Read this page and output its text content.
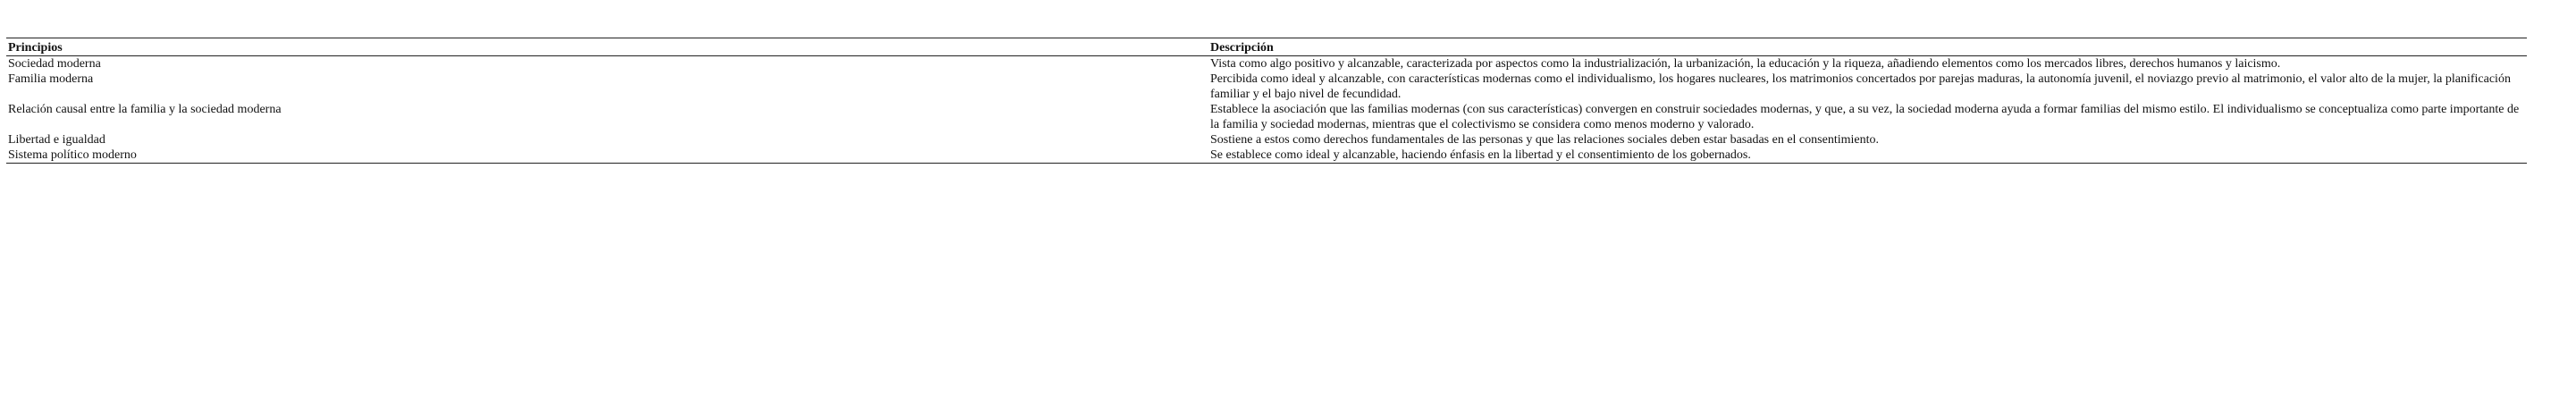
Principios	Descripción
Sociedad moderna	Vista como algo positivo y alcanzable, caracterizada por aspectos como la industrialización, la urbanización, la educación y la riqueza, añadiendo elementos como los mercados libres, derechos humanos y laicismo.
Familia moderna	Percibida como ideal y alcanzable, con características modernas como el individualismo, los hogares nucleares, los matrimonios concertados por parejas maduras, la autonomía juvenil, el noviazgo previo al matrimonio, el valor alto de la mujer, la planificación familiar y el bajo nivel de fecundidad.
Relación causal entre la familia y la sociedad moderna	Establece la asociación que las familias modernas (con sus características) convergen en construir sociedades modernas, y que, a su vez, la sociedad moderna ayuda a formar familias del mismo estilo. El individualismo se conceptualiza como parte importante de la familia y sociedad modernas, mientras que el colectivismo se considera como menos moderno y valorado.
Libertad e igualdad	Sostiene a estos como derechos fundamentales de las personas y que las relaciones sociales deben estar basadas en el consentimiento.
Sistema político moderno	Se establece como ideal y alcanzable, haciendo énfasis en la libertad y el consentimiento de los gobernados.
